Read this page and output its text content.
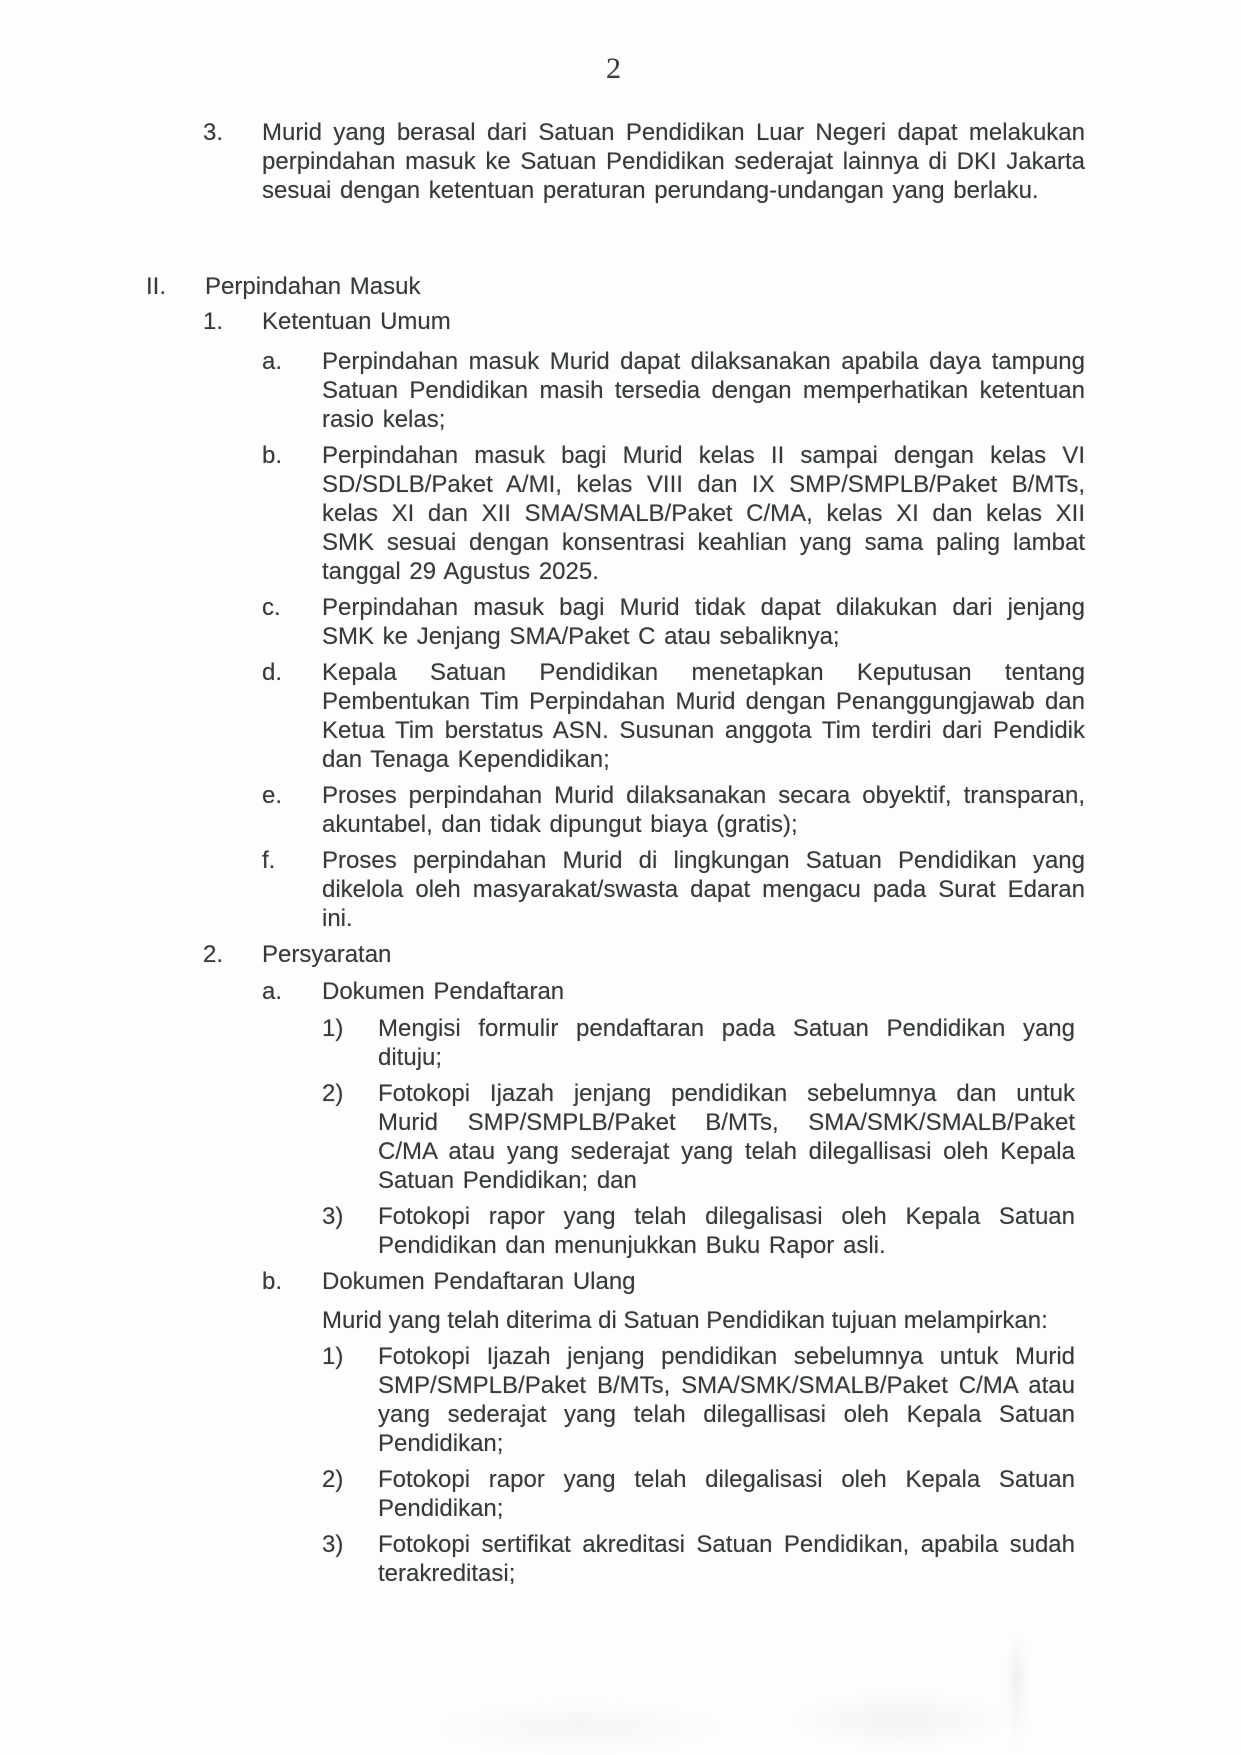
2
3. Murid yang berasal dari Satuan Pendidikan Luar Negeri dapat melakukan perpindahan masuk ke Satuan Pendidikan sederajat lainnya di DKI Jakarta sesuai dengan ketentuan peraturan perundang-undangan yang berlaku.
II. Perpindahan Masuk
1. Ketentuan Umum
a. Perpindahan masuk Murid dapat dilaksanakan apabila daya tampung Satuan Pendidikan masih tersedia dengan memperhatikan ketentuan rasio kelas;
b. Perpindahan masuk bagi Murid kelas II sampai dengan kelas VI SD/SDLB/Paket A/MI, kelas VIII dan IX SMP/SMPLB/Paket B/MTs, kelas XI dan XII SMA/SMALB/Paket C/MA, kelas XI dan kelas XII SMK sesuai dengan konsentrasi keahlian yang sama paling lambat tanggal 29 Agustus 2025.
c. Perpindahan masuk bagi Murid tidak dapat dilakukan dari jenjang SMK ke Jenjang SMA/Paket C atau sebaliknya;
d. Kepala Satuan Pendidikan menetapkan Keputusan tentang Pembentukan Tim Perpindahan Murid dengan Penanggungjawab dan Ketua Tim berstatus ASN. Susunan anggota Tim terdiri dari Pendidik dan Tenaga Kependidikan;
e. Proses perpindahan Murid dilaksanakan secara obyektif, transparan, akuntabel, dan tidak dipungut biaya (gratis);
f. Proses perpindahan Murid di lingkungan Satuan Pendidikan yang dikelola oleh masyarakat/swasta dapat mengacu pada Surat Edaran ini.
2. Persyaratan
a. Dokumen Pendaftaran
1) Mengisi formulir pendaftaran pada Satuan Pendidikan yang dituju;
2) Fotokopi Ijazah jenjang pendidikan sebelumnya dan untuk Murid SMP/SMPLB/Paket B/MTs, SMA/SMK/SMALB/Paket C/MA atau yang sederajat yang telah dilegallisasi oleh Kepala Satuan Pendidikan; dan
3) Fotokopi rapor yang telah dilegalisasi oleh Kepala Satuan Pendidikan dan menunjukkan Buku Rapor asli.
b. Dokumen Pendaftaran Ulang
Murid yang telah diterima di Satuan Pendidikan tujuan melampirkan:
1) Fotokopi Ijazah jenjang pendidikan sebelumnya untuk Murid SMP/SMPLB/Paket B/MTs, SMA/SMK/SMALB/Paket C/MA atau yang sederajat yang telah dilegallisasi oleh Kepala Satuan Pendidikan;
2) Fotokopi rapor yang telah dilegalisasi oleh Kepala Satuan Pendidikan;
3) Fotokopi sertifikat akreditasi Satuan Pendidikan, apabila sudah terakreditasi;
